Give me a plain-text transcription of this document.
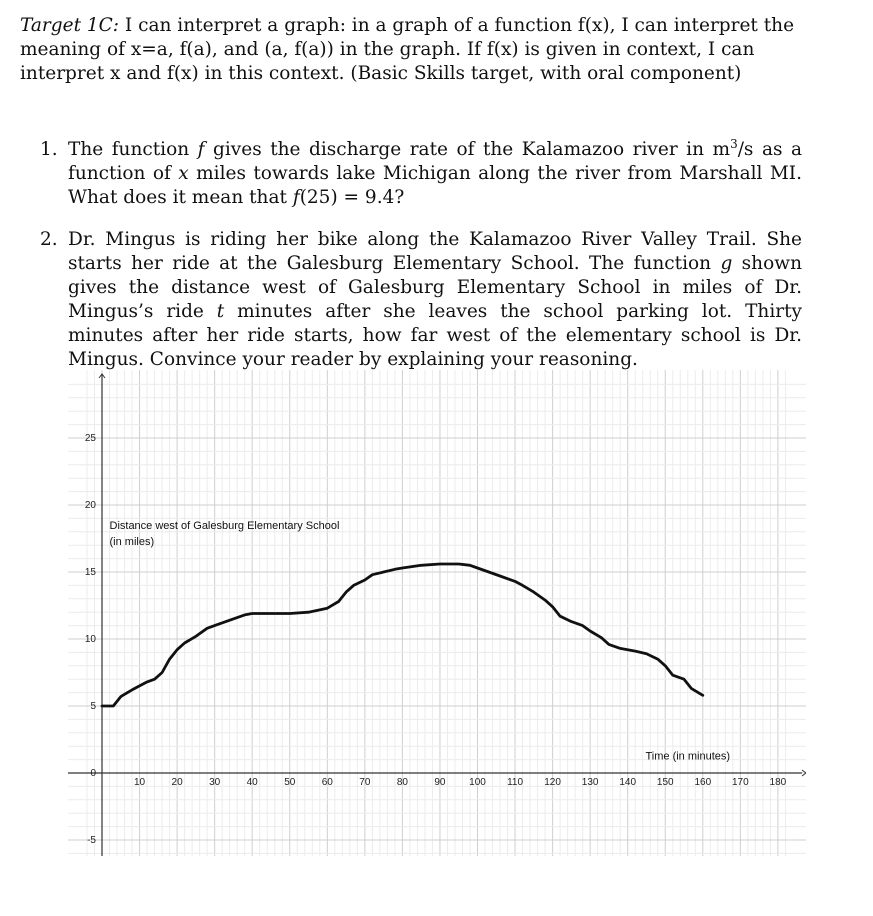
Target 1C: I can interpret a graph: in a graph of a function f(x), I can interpret the meaning of x=a, f(a), and (a, f(a)) in the graph. If f(x) is given in context, I can interpret x and f(x) in this context. (Basic Skills target, with oral component)
1. The function f gives the discharge rate of the Kalamazoo river in $m^3/s$ as a function of x miles towards lake Michigan along the river from Marshall MI. What does it mean that f(25) = 9.4?
2. Dr. Mingus is riding her bike along the Kalamazoo River Valley Trail. She starts her ride at the Galesburg Elementary School. The function g shown gives the distance west of Galesburg Elementary School in miles of Dr. Mingus’s ride t minutes after she leaves the school parking lot. Thirty minutes after her ride starts, how far west of the elementary school is Dr. Mingus. Convince your reader by explaining your reasoning.
10	20	30	40	50	60	70	80	90 100 110 120 130 140 150 160 170 180
-5
0
5
10
15
20
25
Distance west of Galesburg Elementary School
(in miles)
Time (in minutes)
